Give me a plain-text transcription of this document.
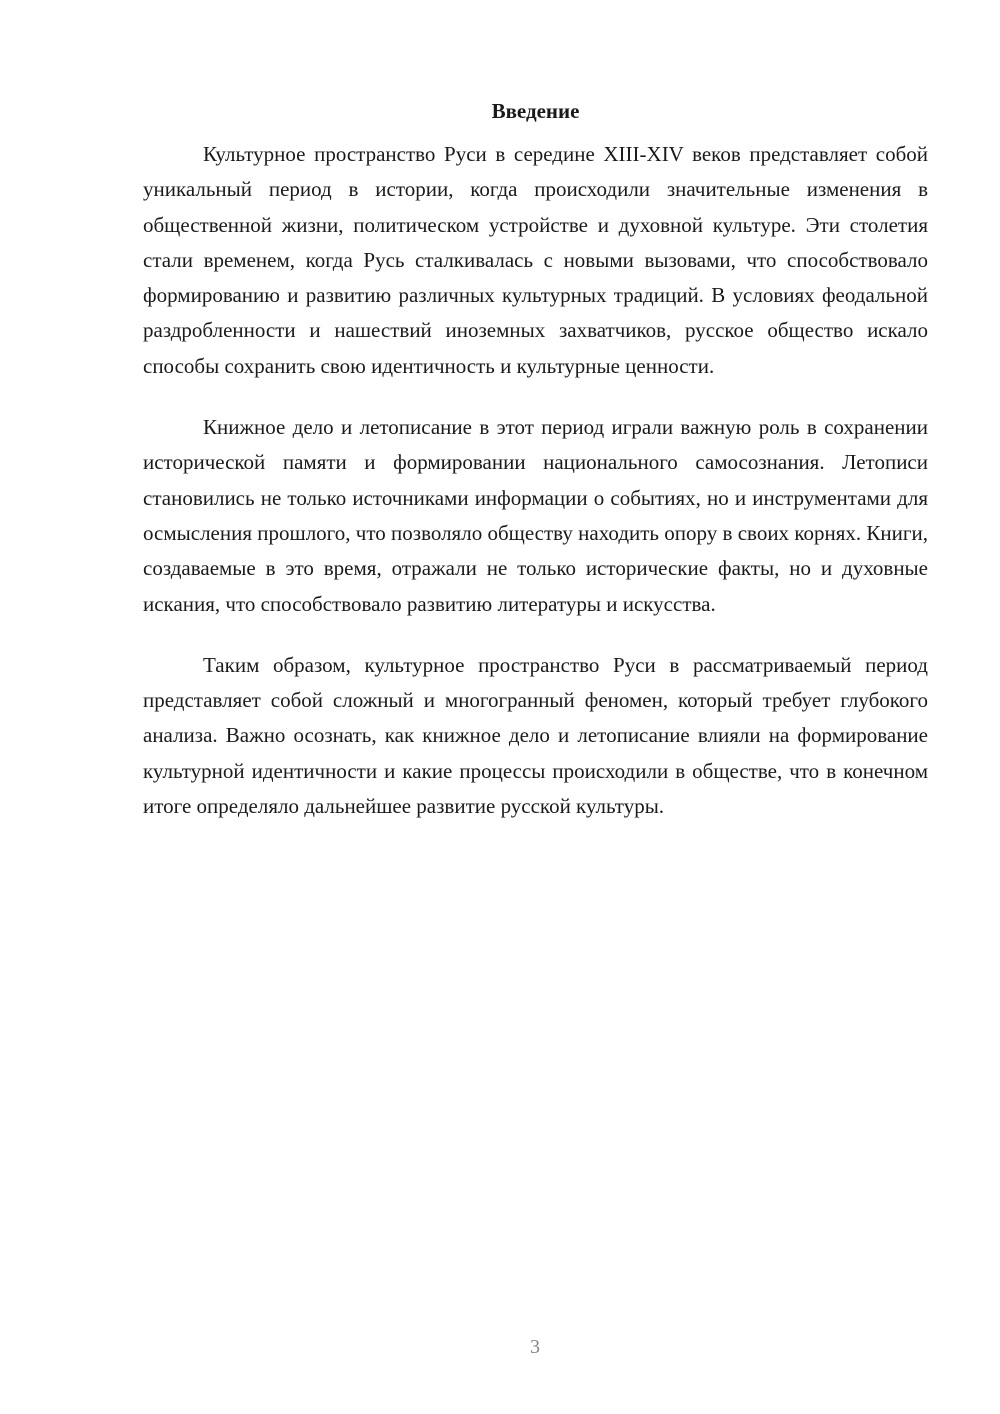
Введение

Культурное пространство Руси в середине XIII-XIV веков представляет собой уникальный период в истории, когда происходили значительные изменения в общественной жизни, политическом устройстве и духовной культуре. Эти столетия стали временем, когда Русь сталкивалась с новыми вызовами, что способствовало формированию и развитию различных культурных традиций. В условиях феодальной раздробленности и нашествий иноземных захватчиков, русское общество искало способы сохранить свою идентичность и культурные ценности.

Книжное дело и летописание в этот период играли важную роль в сохранении исторической памяти и формировании национального самосознания. Летописи становились не только источниками информации о событиях, но и инструментами для осмысления прошлого, что позволяло обществу находить опору в своих корнях. Книги, создаваемые в это время, отражали не только исторические факты, но и духовные искания, что способствовало развитию литературы и искусства.

Таким образом, культурное пространство Руси в рассматриваемый период представляет собой сложный и многогранный феномен, который требует глубокого анализа. Важно осознать, как книжное дело и летописание влияли на формирование культурной идентичности и какие процессы происходили в обществе, что в конечном итоге определяло дальнейшее развитие русской культуры.

3
